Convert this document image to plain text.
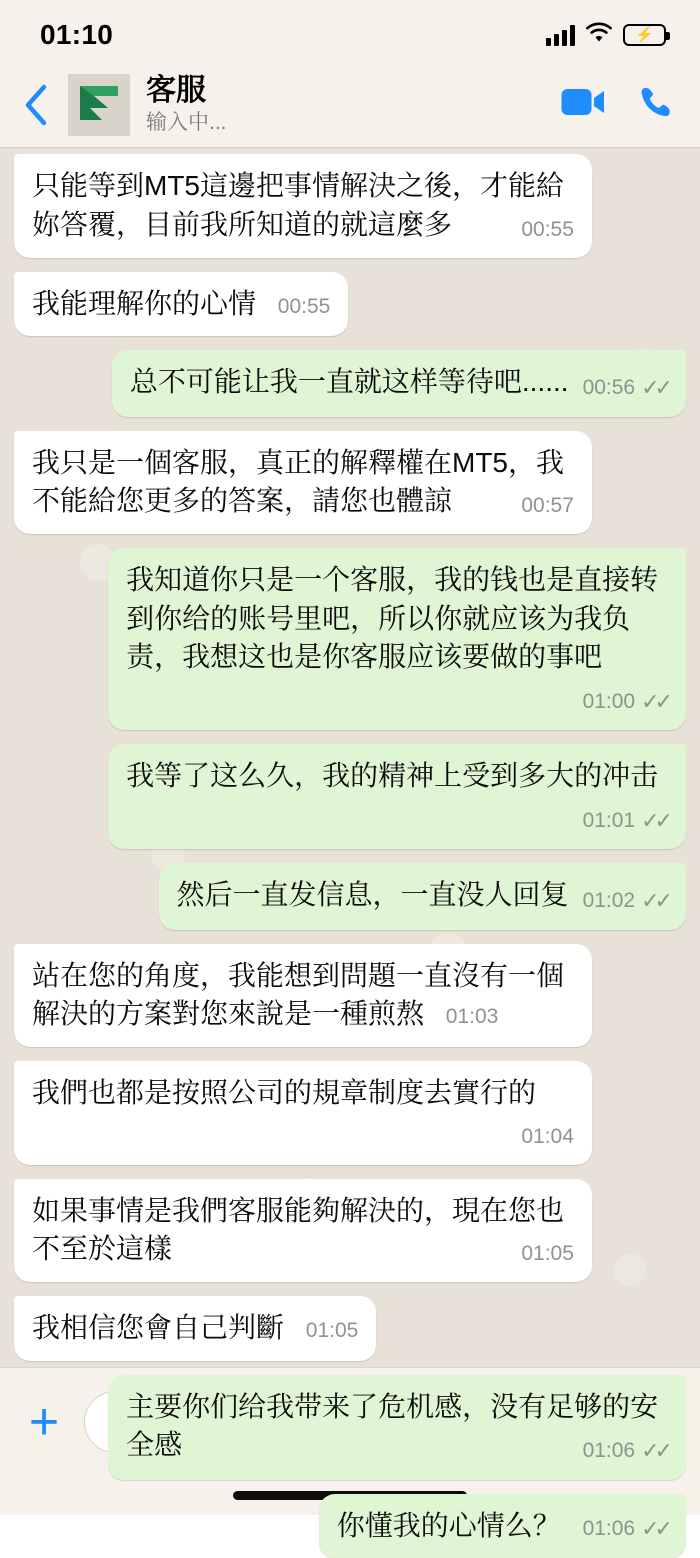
01:10	⚡
客服
输入中...
只能等到MT5這邊把事情解決之後，才能給妳答覆，目前我所知道的就這麼多	00:55
我能理解你的心情 00:55
总不可能让我一直就这样等待吧...... 00:56 ✓✓
我只是一個客服，真正的解釋權在MT5，我不能給您更多的答案，請您也體諒	00:57
我知道你只是一个客服，我的钱也是直接转到你给的账号里吧，所以你就应该为我负责，我想这也是你客服应该要做的事吧
01:00 ✓✓
我等了这么久，我的精神上受到多大的冲击
01:01 ✓✓
然后一直发信息，一直没人回复 01:02 ✓✓
站在您的角度，我能想到問題一直沒有一個解決的方案對您來說是一種煎熬 01:03
我們也都是按照公司的規章制度去實行的
01:04
如果事情是我們客服能夠解決的，現在您也不至於這樣	01:05
我相信您會自己判斷 01:05
主要你们给我带来了危机感，没有足够的安全感	01:06 ✓✓
你懂我的心情么？ 01:06 ✓✓
+
